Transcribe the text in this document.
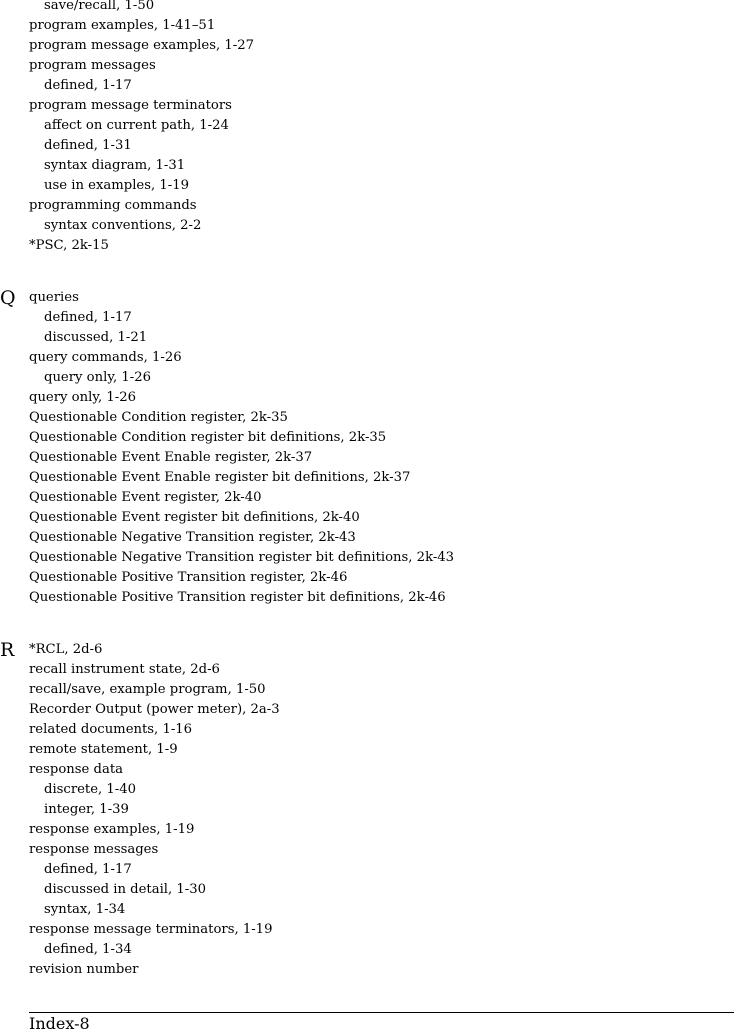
save/recall, 1-50
program examples, 1-41–51
program message examples, 1-27
program messages
defined, 1-17
program message terminators
affect on current path, 1-24
defined, 1-31
syntax diagram, 1-31
use in examples, 1-19
programming commands
syntax conventions, 2-2
*PSC, 2k-15
Q queries
defined, 1-17
discussed, 1-21
query commands, 1-26
query only, 1-26
query only, 1-26
Questionable Condition register, 2k-35
Questionable Condition register bit definitions, 2k-35
Questionable Event Enable register, 2k-37
Questionable Event Enable register bit definitions, 2k-37
Questionable Event register, 2k-40
Questionable Event register bit definitions, 2k-40
Questionable Negative Transition register, 2k-43
Questionable Negative Transition register bit definitions, 2k-43
Questionable Positive Transition register, 2k-46
Questionable Positive Transition register bit definitions, 2k-46
R *RCL, 2d-6
recall instrument state, 2d-6
recall/save, example program, 1-50
Recorder Output (power meter), 2a-3
related documents, 1-16
remote statement, 1-9
response data
discrete, 1-40
integer, 1-39
response examples, 1-19
response messages
defined, 1-17
discussed in detail, 1-30
syntax, 1-34
response message terminators, 1-19
defined, 1-34
revision number
Index-8
